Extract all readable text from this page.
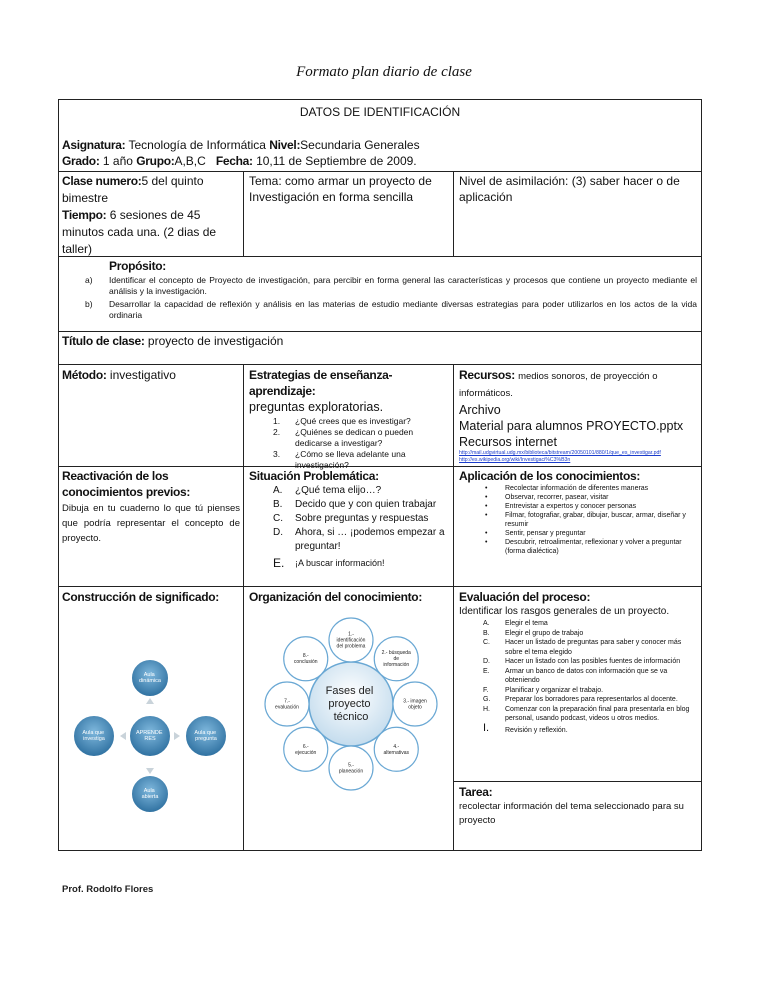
Formato plan diario de clase
DATOS DE IDENTIFICACIÓN
Asignatura: Tecnología de Informática Nivel:Secundaria Generales
Grado: 1 año Grupo:A,B,C Fecha: 10,11 de Septiembre de 2009.
Clase numero:5 del quinto bimestre
Tiempo: 6 sesiones de 45 minutos cada una. (2 dias de taller)
Tema: como armar un proyecto de Investigación en forma sencilla
Nivel de asimilación: (3) saber hacer o de aplicación
Propósito:
a) Identificar el concepto de Proyecto de investigación, para percibir en forma general las características y procesos que contiene un proyecto mediante el análisis y la investigación.
b) Desarrollar la capacidad de reflexión y análisis en las materias de estudio mediante diversas estrategias para poder utilizarlos en los actos de la vida ordinaria
Título de clase: proyecto de investigación
Método: investigativo	Estrategias de enseñanza-aprendizaje:
preguntas exploratorias.
1.	¿Qué crees que es investigar?
2.	¿Quiénes se dedican o pueden dedicarse a investigar?
3.	¿Cómo se lleva adelante una investigación?
Recursos: medios sonoros, de proyección o informáticos.
Archivo
Material para alumnos PROYECTO.pptx
Recursos internet
http://mail.udgvirtual.udg.mx/biblioteca/bitstream/20050101/880/1/que_es_investigar.pdf
http://es.wikipedia.org/wiki/Investigaci%C3%B3n
Reactivación de los conocimientos previos:
Dibuja en tu cuaderno lo que tú pienses que podría representar el concepto de proyecto.
Situación Problemática:
A.	¿Qué tema elijo…?
B.	Decido que y con quien trabajar
C.	Sobre preguntas y respuestas
D.	Ahora, si … ¡podemos empezar a preguntar!
E.	¡A buscar información!
Aplicación de los conocimientos:
•	Recolectar información de diferentes maneras
•	Observar, recorrer, pasear, visitar
•	Entrevistar a expertos y conocer personas
•	Filmar, fotografiar, grabar, dibujar, buscar, armar, diseñar y resumir
•	Sentir, pensar y preguntar
•	Descubrir, retroalimentar, reflexionar y volver a preguntar (forma dialéctica)
Construcción de significado:
Aula dinámica
APRENDE RES
Aula abierta
Aula que investiga
Aula que pregunta
Organización del conocimiento:
Fases del proyecto técnico
1.-identificación del problema
2.- búsqueda de información
3.- imagen objeto
4.-alternativas
5.-planeación
6.-ejecución
7.-evaluación
8.-conclusión
Evaluación del proceso:
Identificar los rasgos generales de un proyecto.
A.	Elegir el tema
B.	Elegir el grupo de trabajo
C.	Hacer un listado de preguntas para saber y conocer más sobre el tema elegido
D.	Hacer un listado con las posibles fuentes de información
E.	Armar un banco de datos con información que se va obteniendo
F.	Planificar y organizar el trabajo.
G.	Preparar los borradores para representarlos al docente.
H.	Comenzar con la preparación final para presentarla en blog personal, usando podcast, videos u otros medios.
I.	Revisión y reflexión.
Tarea:
recolectar información del tema seleccionado para su proyecto
Prof. Rodolfo Flores
